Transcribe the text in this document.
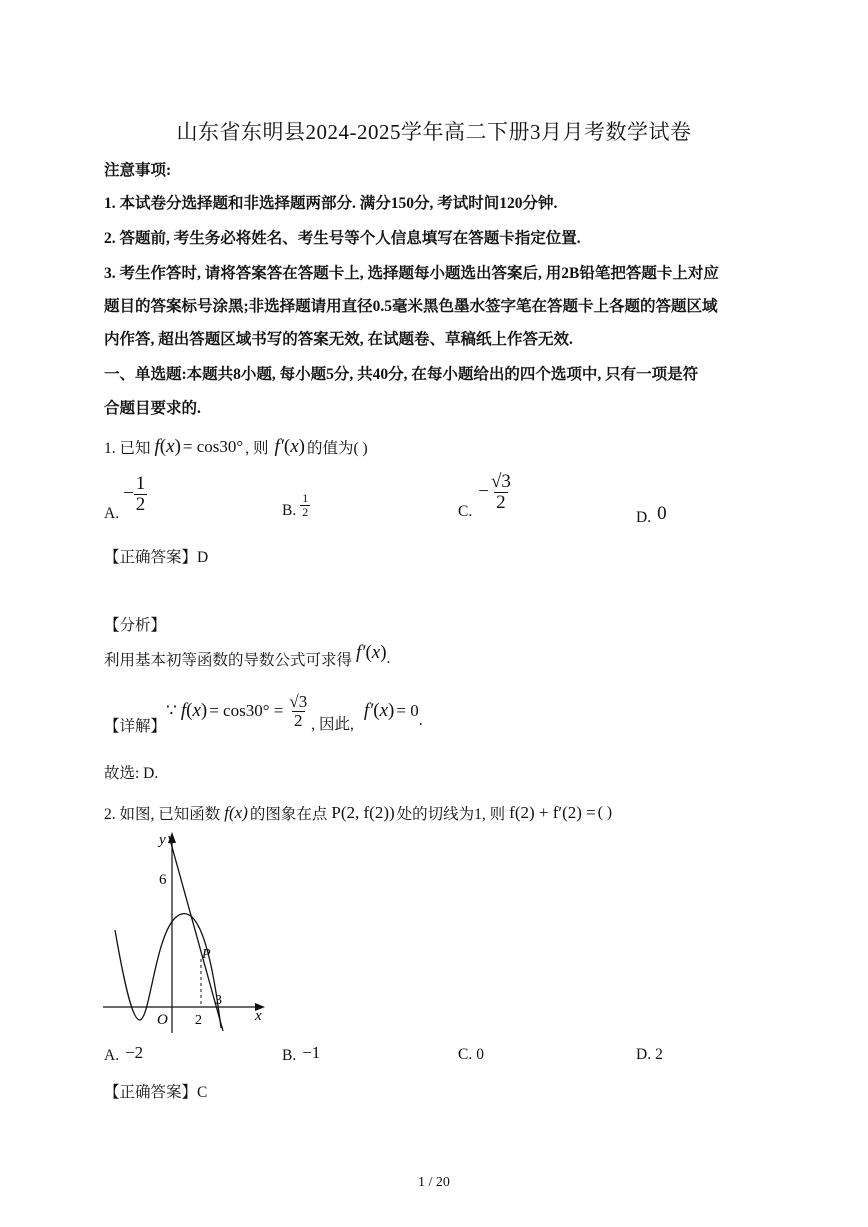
山东省东明县2024-2025学年高二下册3月月考数学试卷
注意事项:
1. 本试卷分选择题和非选择题两部分. 满分150分, 考试时间120分钟.
2. 答题前, 考生务必将姓名、考生号等个人信息填写在答题卡指定位置.
3. 考生作答时, 请将答案答在答题卡上, 选择题每小题选出答案后, 用2B铅笔把答题卡上对应
题目的答案标号涂黑;非选择题请用直径0.5毫米黑色墨水签字笔在答题卡上各题的答题区域
内作答, 超出答题区域书写的答案无效, 在试题卷、草稿纸上作答无效.
一、单选题:本题共8小题, 每小题5分, 共40分, 在每小题给出的四个选项中, 只有一项是符
合题目要求的.
1. 已知 f(x) = cos30° , 则 f′(x) 的值为( )
A.
− $\frac{1}{2}$	B. $\frac{1}{2}$	C.
− $\frac{√3}{2}$
D. 0
【正确答案】D
【分析】
利用基本初等函数的导数公式可求得 f′(x) .
【详解】
∵ $f(x) = \cos 30^\circ = \frac{√3}{2}$ , 因此,
f′(x) = 0
.
故选: D.
2. 如图, 已知函数 f(x) 的图象在点 P(2, f(2)) 处的切线为1, 则 f(2) + f′(2) = ( )
y
x
O
6
P
3
2
A. −2	B. −1	C. 0	D. 2
【正确答案】C
1 / 20
